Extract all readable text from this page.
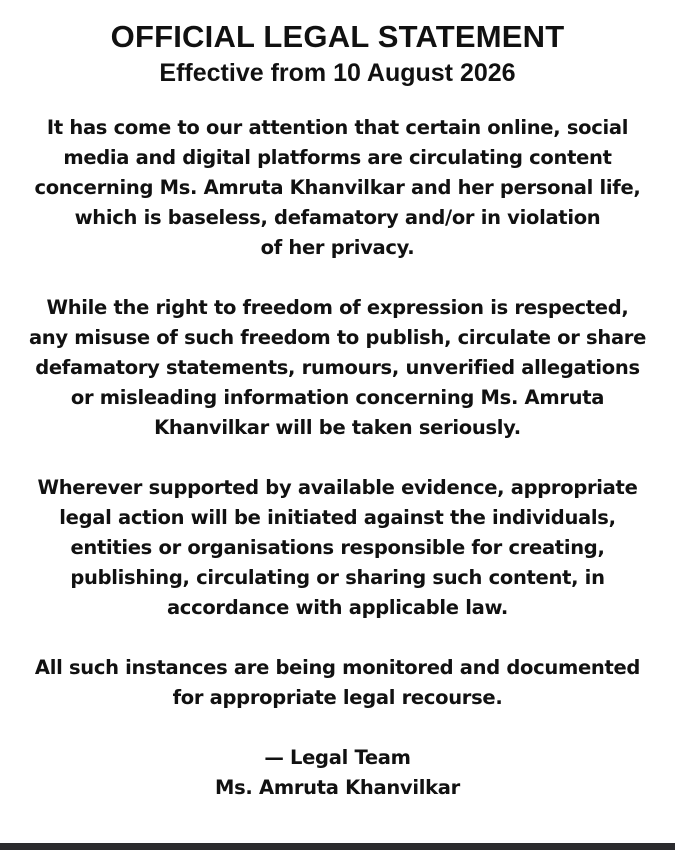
OFFICIAL LEGAL STATEMENT
Effective from 10 August 2026

It has come to our attention that certain online, social
media and digital platforms are circulating content
concerning Ms. Amruta Khanvilkar and her personal life,
which is baseless, defamatory and/or in violation
of her privacy.

While the right to freedom of expression is respected,
any misuse of such freedom to publish, circulate or share
defamatory statements, rumours, unverified allegations
or misleading information concerning Ms. Amruta
Khanvilkar will be taken seriously.

Wherever supported by available evidence, appropriate
legal action will be initiated against the individuals,
entities or organisations responsible for creating,
publishing, circulating or sharing such content, in
accordance with applicable law.

All such instances are being monitored and documented
for appropriate legal recourse.

— Legal Team
Ms. Amruta Khanvilkar
